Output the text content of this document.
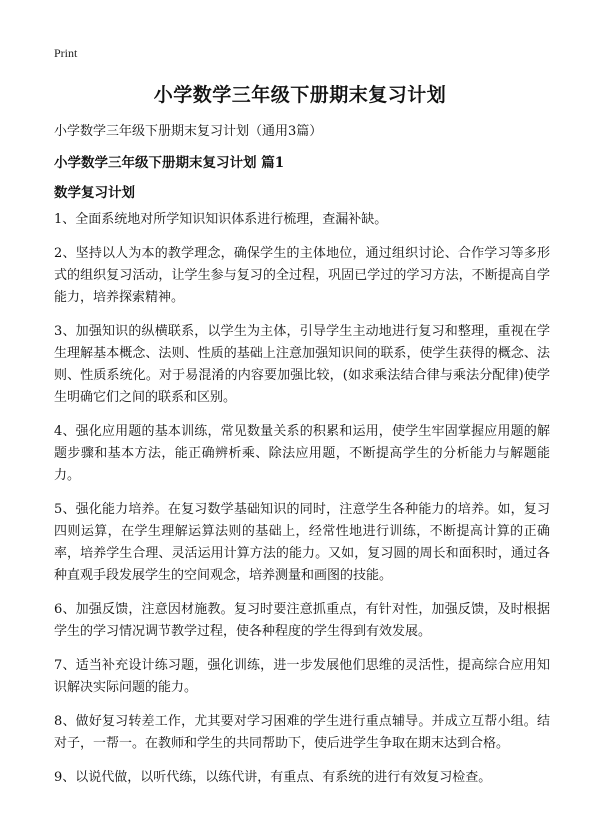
Print
小学数学三年级下册期末复习计划
小学数学三年级下册期末复习计划（通用3篇）
小学数学三年级下册期末复习计划 篇1
数学复习计划

1、全面系统地对所学知识知识体系进行梳理，查漏补缺。

2、坚持以人为本的教学理念，确保学生的主体地位，通过组织讨论、合作学习等多形式的组织复习活动，让学生参与复习的全过程，巩固已学过的学习方法，不断提高自学能力，培养探索精神。

3、加强知识的纵横联系，以学生为主体，引导学生主动地进行复习和整理，重视在学生理解基本概念、法则、性质的基础上注意加强知识间的联系，使学生获得的概念、法则、性质系统化。对于易混淆的内容要加强比较，(如求乘法结合律与乘法分配律)使学生明确它们之间的联系和区别。

4、强化应用题的基本训练，常见数量关系的积累和运用，使学生牢固掌握应用题的解题步骤和基本方法，能正确辨析乘、除法应用题，不断提高学生的分析能力与解题能力。

5、强化能力培养。在复习数学基础知识的同时，注意学生各种能力的培养。如，复习四则运算，在学生理解运算法则的基础上，经常性地进行训练，不断提高计算的正确率，培养学生合理、灵活运用计算方法的能力。又如，复习圆的周长和面积时，通过各种直观手段发展学生的空间观念，培养测量和画图的技能。

6、加强反馈，注意因材施教。复习时要注意抓重点，有针对性，加强反馈，及时根据学生的学习情况调节教学过程，使各种程度的学生得到有效发展。

7、适当补充设计练习题，强化训练，进一步发展他们思维的灵活性，提高综合应用知识解决实际问题的能力。

8、做好复习转差工作，尤其要对学习困难的学生进行重点辅导。并成立互帮小组。结对子，一帮一。在教师和学生的共同帮助下，使后进学生争取在期末达到合格。

9、以说代做，以听代练，以练代讲，有重点、有系统的进行有效复习检查。
